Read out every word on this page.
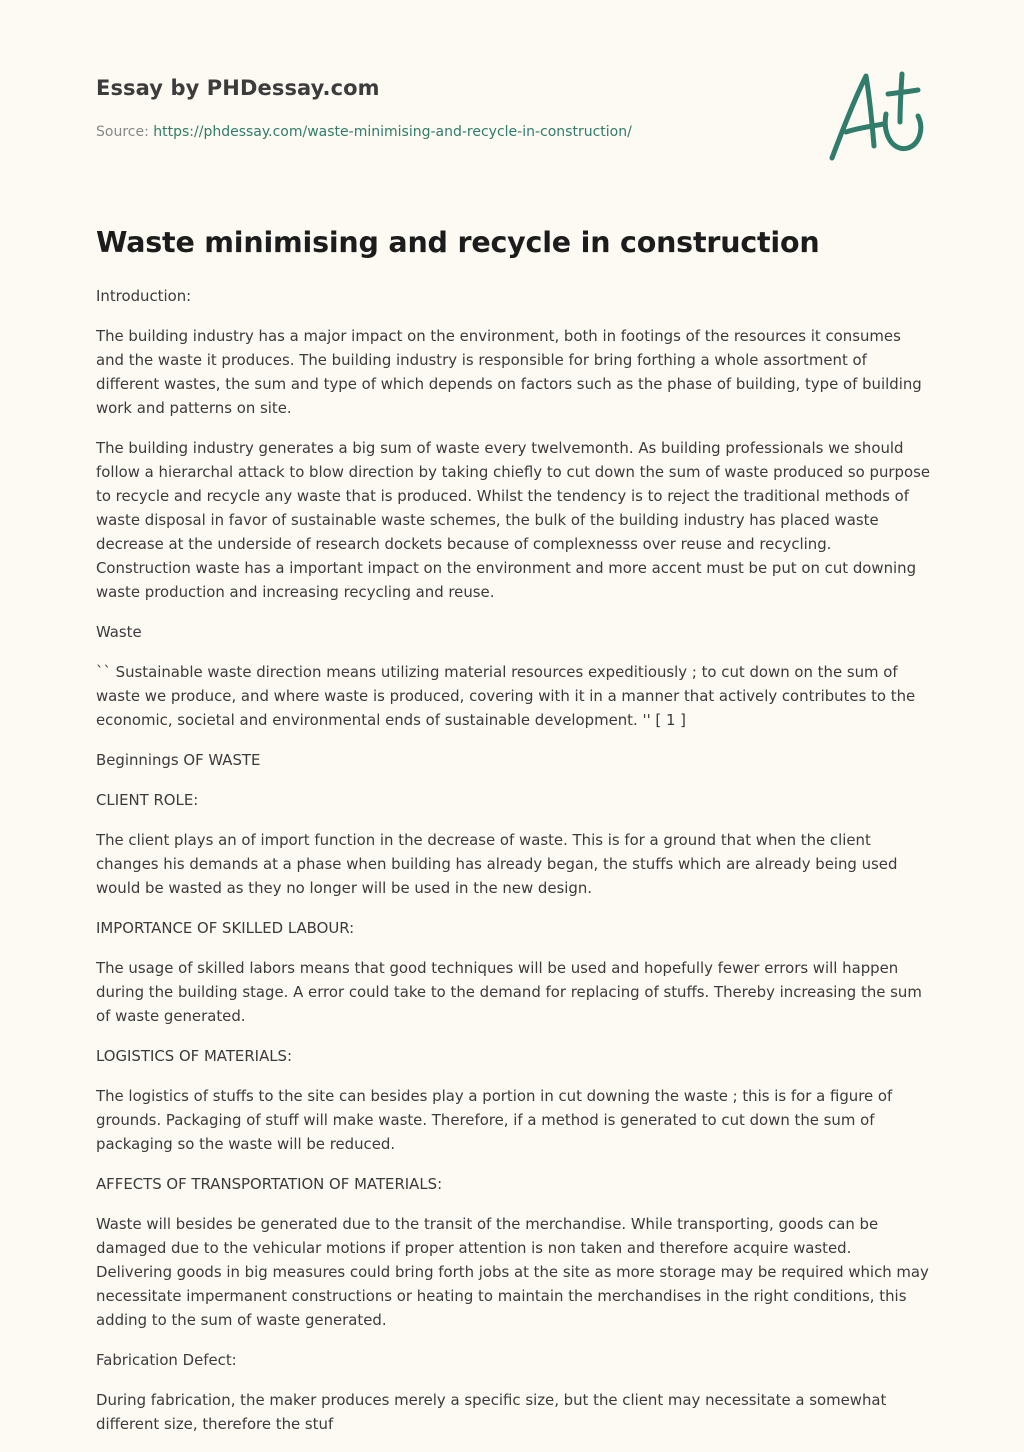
Essay by PHDessay.com
Source: https://phdessay.com/waste-minimising-and-recycle-in-construction/
Waste minimising and recycle in construction

Introduction:

The building industry has a major impact on the environment, both in footings of the resources it consumes and the waste it produces. The building industry is responsible for bring forthing a whole assortment of different wastes, the sum and type of which depends on factors such as the phase of building, type of building work and patterns on site.

The building industry generates a big sum of waste every twelvemonth. As building professionals we should follow a hierarchal attack to blow direction by taking chiefly to cut down the sum of waste produced so purpose to recycle and recycle any waste that is produced. Whilst the tendency is to reject the traditional methods of waste disposal in favor of sustainable waste schemes, the bulk of the building industry has placed waste decrease at the underside of research dockets because of complexnesss over reuse and recycling. Construction waste has a important impact on the environment and more accent must be put on cut downing waste production and increasing recycling and reuse.

Waste

`` Sustainable waste direction means utilizing material resources expeditiously ; to cut down on the sum of waste we produce, and where waste is produced, covering with it in a manner that actively contributes to the economic, societal and environmental ends of sustainable development. '' [ 1 ]

Beginnings OF WASTE

CLIENT ROLE:

The client plays an of import function in the decrease of waste. This is for a ground that when the client changes his demands at a phase when building has already began, the stuffs which are already being used would be wasted as they no longer will be used in the new design.

IMPORTANCE OF SKILLED LABOUR:

The usage of skilled labors means that good techniques will be used and hopefully fewer errors will happen during the building stage. A error could take to the demand for replacing of stuffs. Thereby increasing the sum of waste generated.

LOGISTICS OF MATERIALS:

The logistics of stuffs to the site can besides play a portion in cut downing the waste ; this is for a figure of grounds. Packaging of stuff will make waste. Therefore, if a method is generated to cut down the sum of packaging so the waste will be reduced.

AFFECTS OF TRANSPORTATION OF MATERIALS:

Waste will besides be generated due to the transit of the merchandise. While transporting, goods can be damaged due to the vehicular motions if proper attention is non taken and therefore acquire wasted. Delivering goods in big measures could bring forth jobs at the site as more storage may be required which may necessitate impermanent constructions or heating to maintain the merchandises in the right conditions, this adding to the sum of waste generated.

Fabrication Defect:

During fabrication, the maker produces merely a specific size, but the client may necessitate a somewhat different size, therefore the stuf
